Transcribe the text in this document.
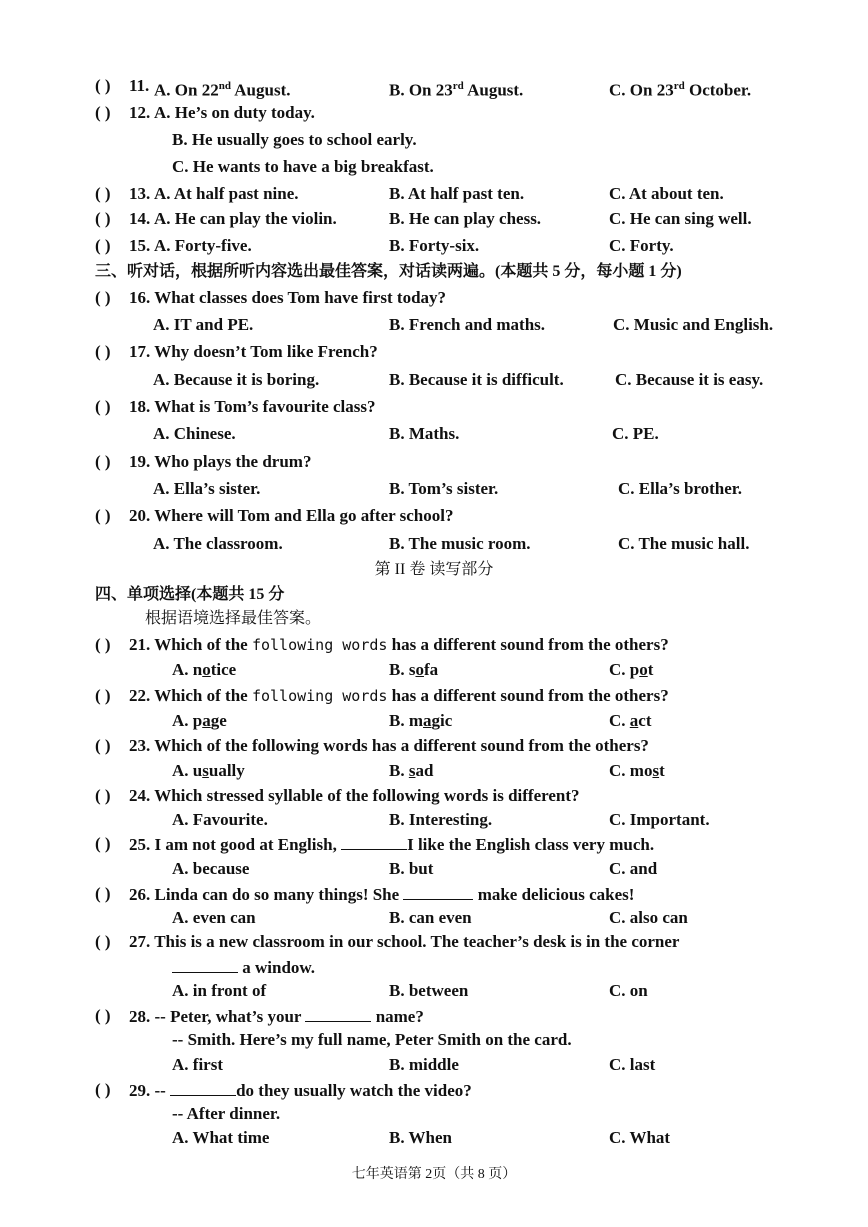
( ) 11. A. On 22nd August.	B. On 23rd August.	C. On 23rd October.
( ) 12. A. He’s on duty today.
B. He usually goes to school early.
C. He wants to have a big breakfast.
( ) 13. A. At half past nine.	B. At half past ten.	C. At about ten.
( ) 14. A. He can play the violin.	B. He can play chess.	C. He can sing well.
( ) 15. A. Forty-five.	B. Forty-six.	C. Forty.
三、听对话，根据所听内容选出最佳答案，对话读两遍。(本题共 5 分，每小题 1 分)
( ) 16. What classes does Tom have first today?
A. IT and PE.	B. French and maths.	C. Music and English.
( ) 17. Why doesn’t Tom like French?
A. Because it is boring.	B. Because it is difficult.	C. Because it is easy.
( ) 18. What is Tom’s favourite class?
A. Chinese.	B. Maths.	C. PE.
( ) 19. Who plays the drum?
A. Ella’s sister.	B. Tom’s sister.	C. Ella’s brother.
( ) 20. Where will Tom and Ella go after school?
A. The classroom.	B. The music room.	C. The music hall.
第 II 卷 读写部分
四、单项选择(本题共 15 分
根据语境选择最佳答案。
( ) 21. Which of the following words has a different sound from the others?
A. notice	B. sofa	C. pot
( ) 22. Which of the following words has a different sound from the others?
A. page	B. magic	C. act
( ) 23. Which of the following words has a different sound from the others?
A. usually	B. sad	C. most
( ) 24. Which stressed syllable of the following words is different?
A. Favourite.	B. Interesting.	C. Important.
( ) 25. I am not good at English,	I like the English class very much.
A. because	B. but	C. and
( ) 26. Linda can do so many things! She	make delicious cakes!
A. even can	B. can even	C. also can
( ) 27. This is a new classroom in our school. The teacher’s desk is in the corner
a window.
A. in front of	B. between	C. on
( ) 28. -- Peter, what’s your	name?
-- Smith. Here’s my full name, Peter Smith on the card.
A. first	B. middle	C. last
( ) 29. --	do they usually watch the video?
-- After dinner.
A. What time	B. When	C. What
七年英语第 2页（共 8 页）
